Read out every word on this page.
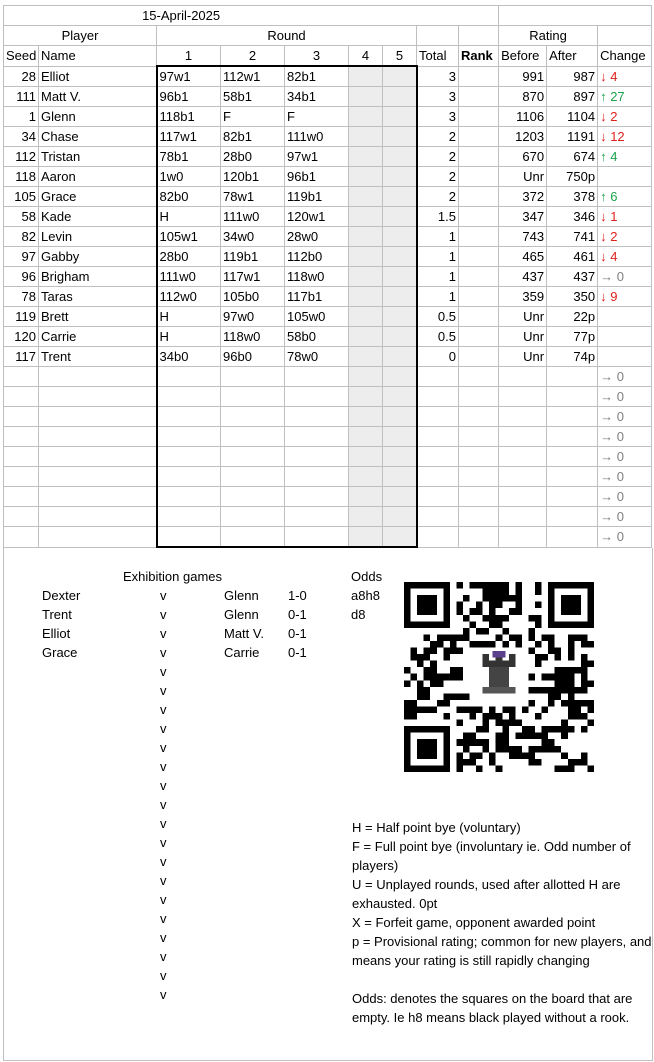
	15-April-2025
Player	Round			Rating	
Seed	Name	1	2	3	4	5	Total	Rank	Before	After	Change
28	Elliot	97w1	112w1	82b1			3		991	987	↓ 4
111	Matt V.	96b1	58b1	34b1			3		870	897	↑ 27
1	Glenn	118b1	F	F			3		1106	1104	↓ 2
34	Chase	117w1	82b1	111w0			2		1203	1191	↓ 12
112	Tristan	78b1	28b0	97w1			2		670	674	↑ 4
118	Aaron	1w0	120b1	96b1			2		Unr	750p	
105	Grace	82b0	78w1	119b1			2		372	378	↑ 6
58	Kade	H	111w0	120w1			1.5		347	346	↓ 1
82	Levin	105w1	34w0	28w0			1		743	741	↓ 2
97	Gabby	28b0	119b1	112b0			1		465	461	↓ 4
96	Brigham	111w0	117w1	118w0			1		437	437	→ 0
78	Taras	112w0	105b0	117b1			1		359	350	↓ 9
119	Brett	H	97w0	105w0			0.5		Unr	22p	
120	Carrie	H	118w0	58b0			0.5		Unr	77p	
117	Trent	34b0	96b0	78w0			0		Unr	74p	
											→ 0
											→ 0
											→ 0
											→ 0
											→ 0
											→ 0
											→ 0
											→ 0
											→ 0
Exhibition games
Dexter	v	Glenn 1-0
Trent	v	Glenn 0-1
Elliot	v	Matt V. 0-1
Grace	v	Carrie 0-1
v
v
v
v
v
v
v
v
v
v
v
v
v
v
v
v
v
v
Odds
a8h8
d8
H = Half point bye (voluntary)
F = Full point bye (involuntary ie. Odd number of players)
U = Unplayed rounds, used after allotted H are exhausted. 0pt
X = Forfeit game, opponent awarded point
p = Provisional rating; common for new players, and means your rating is still rapidly changing
Odds: denotes the squares on the board that are empty. Ie h8 means black played without a rook.
